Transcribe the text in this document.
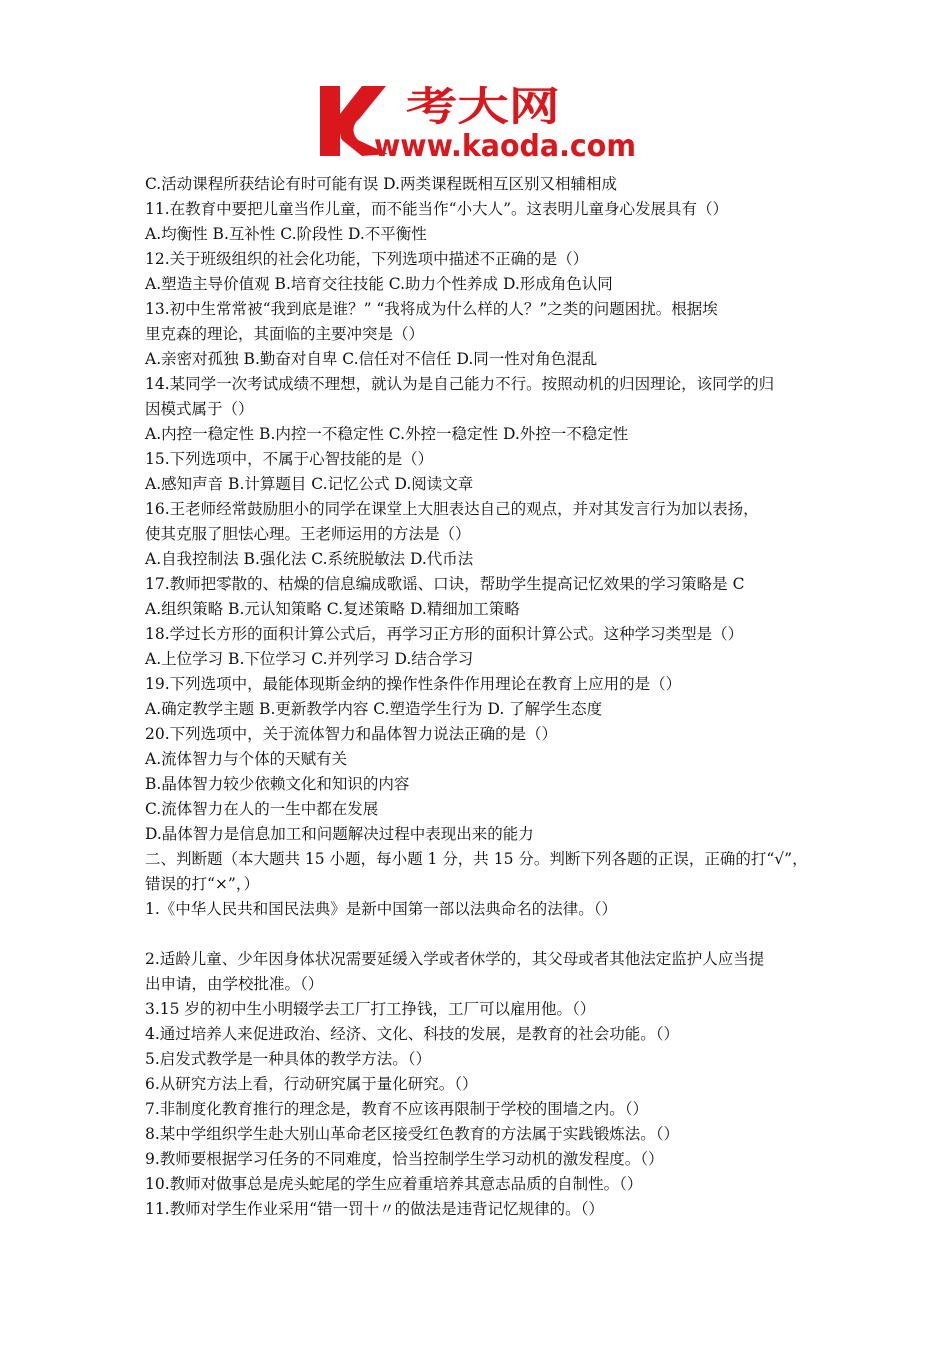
考大网
www.kaoda.com
C.活动课程所获结论有时可能有误 D.两类课程既相互区别又相辅相成
11.在教育中要把儿童当作儿童，而不能当作“小大人”。这表明儿童身心发展具有（）
A.均衡性 B.互补性 C.阶段性 D.不平衡性
12.关于班级组织的社会化功能，下列选项中描述不正确的是（）
A.塑造主导价值观 B.培育交往技能 C.助力个性养成 D.形成角色认同
13.初中生常常被“我到底是谁？” “我将成为什么样的人？”之类的问题困扰。根据埃
里克森的理论，其面临的主要冲突是（）
A.亲密对孤独 B.勤奋对自卑 C.信任对不信任 D.同一性对角色混乱
14.某同学一次考试成绩不理想，就认为是自己能力不行。按照动机的归因理论，该同学的归
因模式属于（）
A.内控一稳定性 B.内控一不稳定性 C.外控一稳定性 D.外控一不稳定性
15.下列选项中，不属于心智技能的是（）
A.感知声音 B.计算题目 C.记忆公式 D.阅读文章
16.王老师经常鼓励胆小的同学在课堂上大胆表达自己的观点，并对其发言行为加以表扬，
使其克服了胆怯心理。王老师运用的方法是（）
A.自我控制法 B.强化法 C.系统脱敏法 D.代币法
17.教师把零散的、枯燥的信息编成歌谣、口诀，帮助学生提高记忆效果的学习策略是 C
A.组织策略 B.元认知策略 C.复述策略 D.精细加工策略
18.学过长方形的面积计算公式后，再学习正方形的面积计算公式。这种学习类型是（）
A.上位学习 B.下位学习 C.并列学习 D.结合学习
19.下列选项中，最能体现斯金纳的操作性条件作用理论在教育上应用的是（）
A.确定教学主题 B.更新教学内容 C.塑造学生行为 D. 了解学生态度
20.下列选项中，关于流体智力和晶体智力说法正确的是（）
A.流体智力与个体的天赋有关
B.晶体智力较少依赖文化和知识的内容
C.流体智力在人的一生中都在发展
D.晶体智力是信息加工和问题解决过程中表现出来的能力
二、判断题（本大题共 15 小题，每小题 1 分，共 15 分。判断下列各题的正误，正确的打“√”，
错误的打“×”，）
1.《中华人民共和国民法典》是新中国第一部以法典命名的法律。（）
2.适龄儿童、少年因身体状况需要延缓入学或者休学的，其父母或者其他法定监护人应当提
出申请，由学校批准。（）
3.15 岁的初中生小明辍学去工厂打工挣钱，工厂可以雇用他。（）
4.通过培养人来促进政治、经济、文化、科技的发展，是教育的社会功能。（）
5.启发式教学是一种具体的教学方法。（）
6.从研究方法上看，行动研究属于量化研究。（）
7.非制度化教育推行的理念是，教育不应该再限制于学校的围墙之内。（）
8.某中学组织学生赴大别山革命老区接受红色教育的方法属于实践锻炼法。（）
9.教师要根据学习任务的不同难度，恰当控制学生学习动机的激发程度。（）
10.教师对做事总是虎头蛇尾的学生应着重培养其意志品质的自制性。（）
11.教师对学生作业采用“错一罚十〃的做法是违背记忆规律的。（）
